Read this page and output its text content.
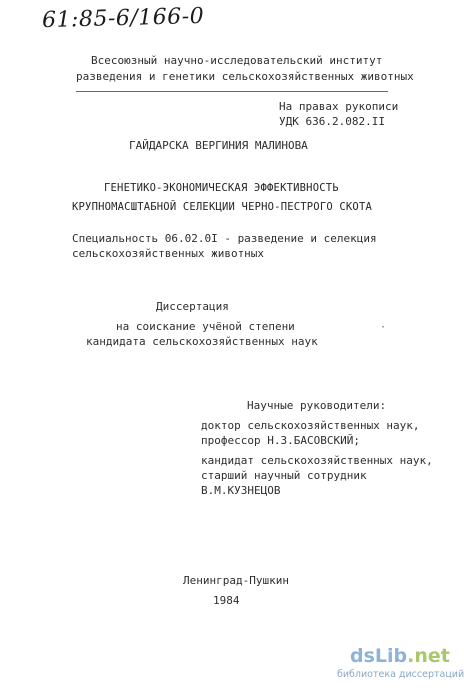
61:85-6/166-0
Всесоюзный научно-исследовательский институт
разведения и генетики сельскохозяйственных животных
На правах рукописи
УДК 636.2.082.II
ГАЙДАРСКА ВЕРГИНИЯ МАЛИНОВА
ГЕНЕТИКО-ЭКОНОМИЧЕСКАЯ ЭФФЕКТИВНОСТЬ
КРУПНОМАСШТАБНОЙ СЕЛЕКЦИИ ЧЕРНО-ПЕСТРОГО СКОТА
Специальность 06.02.0I - разведение и селекция
сельскохозяйственных животных
Диссертация
на соискание учёной степени
кандидата сельскохозяйственных наук
·
Научные руководители:
доктор сельскохозяйственных наук,
профессор Н.З.БАСОВСКИЙ;
кандидат сельскохозяйственных наук,
старший научный сотрудник
В.М.КУЗНЕЦОВ
Ленинград-Пушкин
1984
dsLib.net
библиотека диссертаций
